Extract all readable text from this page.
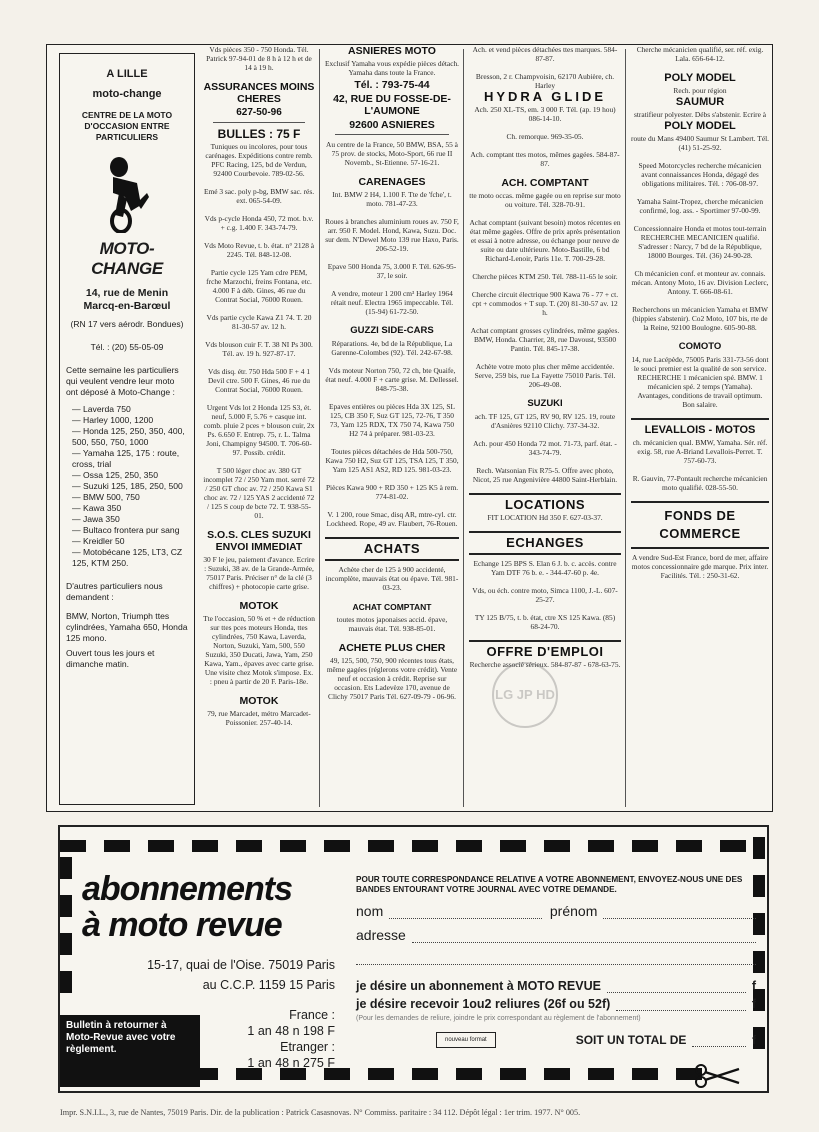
A LILLE
moto-change
CENTRE DE LA MOTO D'OCCASION ENTRE PARTICULIERS
MOTO-CHANGE
14, rue de Menin
Marcq-en-Barœul
(RN 17 vers aérodr. Bondues)
Tél. : (20) 55-05-09
Cette semaine les particuliers qui veulent vendre leur moto ont déposé à Moto-Change :
— Laverda 750
— Harley 1000, 1200
— Honda 125, 250, 350, 400, 500, 550, 750, 1000
— Yamaha 125, 175 : route, cross, trial
— Ossa 125, 250, 350
— Suzuki 125, 185, 250, 500
— BMW 500, 750
— Kawa 350
— Jawa 350
— Bultaco frontera pur sang
— Kreidler 50
— Motobécane 125, LT3, CZ 125, KTM 250.
D'autres particuliers nous demandent :
BMW, Norton, Triumph ttes cylindrées, Yamaha 650, Honda 125 mono.
Ouvert tous les jours et dimanche matin.
Vds pièces 350 - 750 Honda. Tél. Patrick 97-94-01 de 8 h à 12 h et de 14 à 19 h.
ASSURANCES MOINS CHERES
627-50-96
BULLES : 75 F
Tuniques ou incolores, pour tous carénages. Expéditions contre remb. PFC Racing, 125, bd de Verdun, 92400 Courbevoie. 789-02-56.
Emé 3 sac. poly p-bg, BMW sac. rés. ext. 065-54-09.
Vds p-cycle Honda 450, 72 mot. b.v. + c.g. 1.400 F. 343-74-79.
Vds Moto Revue, t. b. état. n° 2128 à 2245. Tél. 848-12-08.
Partie cycle 125 Yam cdre PEM, frche Marzochi, freins Fontana, etc. 4.000 F à déb. Gines, 46 rue du Contrat Social, 76000 Rouen.
Vds partie cycle Kawa Z1 74. T. 20 81-30-57 av. 12 h.
Vds blouson cuir F. T. 38 NI Ps 300. Tél. av. 19 h. 927-87-17.
Vds disq. étr. 750 Hda 500 F + 4 1 Devil ctre. 500 F. Gines, 46 rue du Contrat Social, 76000 Rouen.
Urgent Vds lot 2 Honda 125 S3, ét. neuf, 5.000 F, 5.76 + casque int. comb. pluie 2 pces + blouson cuir, 2x Ps. 6.650 F. Entrep. 75, r. L. Talma Joni, Champigny 94500. T. 706-60-97. Possib. crédit.
T 500 léger choc av. 380 GT incomplet 72 / 250 Yam mot. serré 72 / 250 GT choc av. 72 / 250 Kawa S1 choc av. 72 / 125 YAS 2 accidenté 72 / 125 S coup de bcte 72. T. 938-55-01.
S.O.S. CLES SUZUKI ENVOI IMMEDIAT
30 F le jeu, paiement d'avance. Ecrire : Suzuki, 38 av. de la Grande-Armée, 75017 Paris. Préciser n° de la clé (3 chiffres) + photocopie carte grise.
MOTOK
Tte l'occasion, 50 % et + de réduction sur ttes pces moteurs Honda, ttes cylindrées, 750 Kawa, Laverda, Norton, Suzuki, Yam, 500, 550 Suzuki, 350 Ducati, Jawa, Yam, 250 Kawa, Yam., épaves avec carte grise. Une visite chez Motok s'impose. Ex. : pneu à partir de 20 F. Paris-18e.
MOTOK
79, rue Marcadet, métro Marcadet-Poissonier. 257-40-14.
ASNIERES MOTO
Exclusif Yamaha vous expédie pièces détach. Yamaha dans toute la France.
Tél. : 793-75-44
42, RUE DU FOSSE-DE-L'AUMONE
92600 ASNIERES
Au centre de la France, 50 BMW, BSA, 55 à 75 prov. de stocks, Moto-Sport, 66 rue II Novemb., St-Etienne. 57-16-21.
CARENAGES
Int. BMW 2 H4, 1.100 F. Tte de 'fche', t. moto. 781-47-23.
Roues à branches aluminium roues av. 750 F, arr. 950 F. Model. Hond, Kawa, Suzu. Doc. sur dem. N'Dewel Moto 139 rue Haxo, Paris. 206-52-19.
Epave 500 Honda 75, 3.000 F. Tél. 626-95-37, le soir.
A vendre, moteur 1 200 cm³ Harley 1964 rétait neuf. Electra 1965 impeccable. Tél. (15-94) 61-72-50.
GUZZI SIDE-CARS
Réparations. 4e, bd de la République, La Garenne-Colombes (92). Tél. 242-67-98.
Vds moteur Norton 750, 72 ch, bte Quaife, état neuf. 4.000 F + carte grise. M. Dellessel. 848-75-38.
Epaves entières ou pièces Hda 3X 125, SL 125, CB 350 F, Suz GT 125, 72-76, T 350 73, Yam 125 RDX, TX 750 74, Kawa 750 H2 74 à préparer. 981-03-23.
Toutes pièces détachées de Hda 500-750, Kawa 750 H2, Suz GT 125, TSA 125, T 350, Yam 125 AS1 AS2, RD 125. 981-03-23.
Pièces Kawa 900 + RD 350 + 125 K5 à rem. 774-81-02.
V. 1 200, roue Smac, disq AR, mtre-cyl. ctr. Lockheed. Rope, 49 av. Flaubert, 76-Rouen.
ACHATS
Achète cher de 125 à 900 accidenté, incomplète, mauvais état ou épave. Tél. 981-03-23.
ACHAT COMPTANT
toutes motos japonaises accid. épave, mauvais état. Tél. 938-85-01.
ACHETE PLUS CHER
49, 125, 500, 750, 900 récentes tous états, même gagées (réglerons votre crédit). Vente neuf et occasion à crédit. Reprise sur occasion. Ets Ladevèze 170, avenue de Clichy 75017 Paris Tél. 627-09-79 - 06-96.
Ach. et vend pièces détachées ttes marques. 584-87-87.
Bresson, 2 r. Champvoisin, 62170 Aubière, ch. Harley
HYDRA GLIDE
Ach. 250 XL-TS, em. 3 000 F. Tél. (ap. 19 hou) 086-14-10.
Ch. remorque. 969-35-05.
Ach. comptant ttes motos, mêmes gagées. 584-87-87.
ACH. COMPTANT
tte moto occas. même gagée ou en reprise sur moto ou voiture. Tél. 328-70-91.
Achat comptant (suivant besoin) motos récentes en état même gagées. Offre de prix après présentation et essai à notre adresse, ou échange pour neuve de suite ou date ultérieure. Moto-Bastille, 6 bd Richard-Lenoir, Paris 11e. T. 700-29-28.
Cherche pièces KTM 250. Tél. 788-11-65 le soir.
Cherche circuit électrique 900 Kawa 76 - 77 + ct. cpt + commodos + T sup. T. (20) 81-30-57 av. 12 h.
Achat comptant grosses cylindrées, même gagées. BMW, Honda. Charrier, 28, rue Davoust, 93500 Pantin. Tél. 845-17-38.
Achète votre moto plus cher même accidentée. Serve, 259 bis, rue La Fayette 75010 Paris. Tél. 206-49-08.
SUZUKI
ach. TF 125, GT 125, RV 90, RV 125. 19, route d'Asnières 92110 Clichy. 737-34-32.
Ach. pour 450 Honda 72 mot. 71-73, parf. état. - 343-74-79.
Rech. Watsonian Fix R75-5. Offre avec photo, Nicot, 25 rue Angenivière 44800 Saint-Herblain.
LOCATIONS
FIT LOCATION Hd 350 F. 627-03-37.
ECHANGES
Echange 125 BPS S. Elan 6 J. b. c. accès. contre Yam DTF 76 b. e. - 344-47-60 p. 4e.
Vds, ou éch. contre moto, Simca 1100, J.-L. 607-25-27.
TY 125 B/75, t. b. état, ctre XS 125 Kawa. (85) 68-24-70.
OFFRE D'EMPLOI
Recherche associé sérieux. 584-87-87 - 678-63-75.
Cherche mécanicien qualifié, ser. réf. exig. Lala. 656-64-12.
POLY MODEL
Rech. pour région
SAUMUR
stratifieur polyester. Débs s'abstenir. Ecrire à
POLY MODEL
route du Mans 49400 Saumur St Lambert. Tél. (41) 51-25-92.
Speed Motorcycles recherche mécanicien avant connaissances Honda, dégagé des obligations militaires. Tél. : 706-08-97.
Yamaha Saint-Tropez, cherche mécanicien confirmé, log. ass. - Sportimer 97-00-99.
Concessionnaire Honda et motos tout-terrain RECHERCHE MECANICIEN qualifié. S'adresser : Narcy, 7 bd de la République, 18000 Bourges. Tél. (36) 24-90-28.
Ch mécanicien conf. et monteur av. connais. mécan. Antony Moto, 16 av. Division Leclerc, Antony. T. 666-08-61.
Recherchons un mécanicien Yamaha et BMW (hippies s'abstenir). Co2 Moto, 107 bis, rte de la Reine, 92100 Boulogne. 605-90-88.
COMOTO
14, rue Lacépède, 75005 Paris 331-73-56 dont le souci premier est la qualité de son service. RECHERCHE 1 mécanicien spé. BMW. 1 mécanicien spé. 2 temps (Yamaha). Avantages, conditions de travail optimum. Bon salaire.
LEVALLOIS - MOTOS
ch. mécanicien qual. BMW, Yamaha. Sér. réf. exig. 58, rue A-Briand Levallois-Perret. T. 757-60-73.
R. Gauvin, 77-Pontault recherche mécanicien moto qualifié. 028-55-50.
FONDS DE COMMERCE
A vendre Sud-Est France, bord de mer, affaire motos concessionnaire gde marque. Prix inter. Facilités. Tél. : 250-31-62.
LG JP HD
abonnements
à moto revue
15-17, quai de l'Oise. 75019 Paris
au C.C.P. 1159 15 Paris
France :
1 an 48 n 198 F
Etranger :
1 an 48 n 275 F
Bulletin à retourner à Moto-Revue avec votre règlement.
POUR TOUTE CORRESPONDANCE RELATIVE A VOTRE ABONNEMENT, ENVOYEZ-NOUS UNE DES BANDES ENTOURANT VOTRE JOURNAL AVEC VOTRE DEMANDE.
nom	prénom
adresse
je désire un abonnement à MOTO REVUE	f
je désire recevoir 1ou2 reliures (26f ou 52f)	f
(Pour les demandes de reliure, joindre le prix correspondant au règlement de l'abonnement)
nouveau format	SOIT UN TOTAL DE	f
Impr. S.N.I.L., 3, rue de Nantes, 75019 Paris. Dir. de la publication : Patrick Casasnovas. N° Commiss. paritaire : 34 112. Dépôt légal : 1er trim. 1977. N° 005.
